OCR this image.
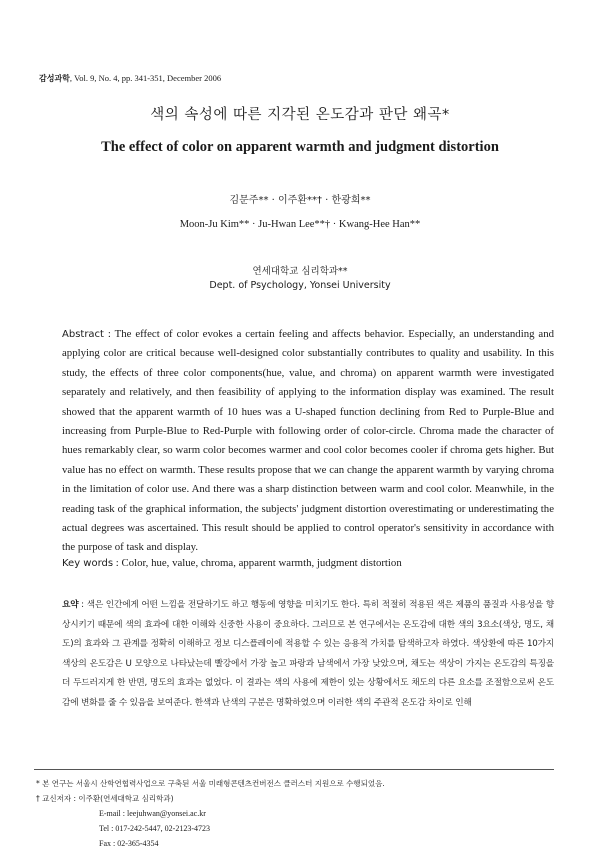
감성과학, Vol. 9, No. 4, pp. 341-351, December 2006
색의 속성에 따른 지각된 온도감과 판단 왜곡*
The effect of color on apparent warmth and judgment distortion
김문주** · 이주환**† · 한광희**
Moon-Ju Kim** · Ju-Hwan Lee**† · Kwang-Hee Han**
연세대학교 심리학과**
Dept. of Psychology, Yonsei University
Abstract : The effect of color evokes a certain feeling and affects behavior. Especially, an understanding and applying color are critical because well-designed color substantially contributes to quality and usability. In this study, the effects of three color components(hue, value, and chroma) on apparent warmth were investigated separately and relatively, and then feasibility of applying to the information display was examined. The result showed that the apparent warmth of 10 hues was a U-shaped function declining from Red to Purple-Blue and increasing from Purple-Blue to Red-Purple with following order of color-circle. Chroma made the character of hues remarkably clear, so warm color becomes warmer and cool color becomes cooler if chroma gets higher. But value has no effect on warmth. These results propose that we can change the apparent warmth by varying chroma in the limitation of color use. And there was a sharp distinction between warm and cool color. Meanwhile, in the reading task of the graphical information, the subjects' judgment distortion overestimating or underestimating the actual degrees was ascertained. This result should be applied to control operator's sensitivity in accordance with the purpose of task and display.
Key words : Color, hue, value, chroma, apparent warmth, judgment distortion
요약 : 색은 인간에게 어떤 느낌을 전달하기도 하고 행동에 영향을 미치기도 한다. 특히 적절히 적용된 색은 제품의 품질과 사용성을 향상시키기 때문에 색의 효과에 대한 이해와 신중한 사용이 중요하다. 그러므로 본 연구에서는 온도감에 대한 색의 3요소(색상, 명도, 채도)의 효과와 그 관계를 정확히 이해하고 정보 디스플레이에 적용할 수 있는 응용적 가치를 탐색하고자 하였다. 색상환에 따른 10가지 색상의 온도감은 U 모양으로 나타났는데 빨강에서 가장 높고 파랑과 남색에서 가장 낮았으며, 채도는 색상이 가지는 온도감의 특징을 더 두드러지게 한 반면, 명도의 효과는 없었다. 이 결과는 색의 사용에 제한이 있는 상황에서도 채도의 다른 요소를 조절함으로써 온도감에 변화를 줄 수 있음을 보여준다. 한색과 난색의 구분은 명확하였으며 이러한 색의 주관적 온도감 차이로 인해
* 본 연구는 서울시 산학연협력사업으로 구축된 서울 미래형콘텐츠컨버전스 클러스터 지원으로 수행되었음.
† 교신저자 : 이주환(연세대학교 심리학과)
E-mail : leejuhwan@yonsei.ac.kr
Tel : 017-242-5447, 02-2123-4723
Fax : 02-365-4354
